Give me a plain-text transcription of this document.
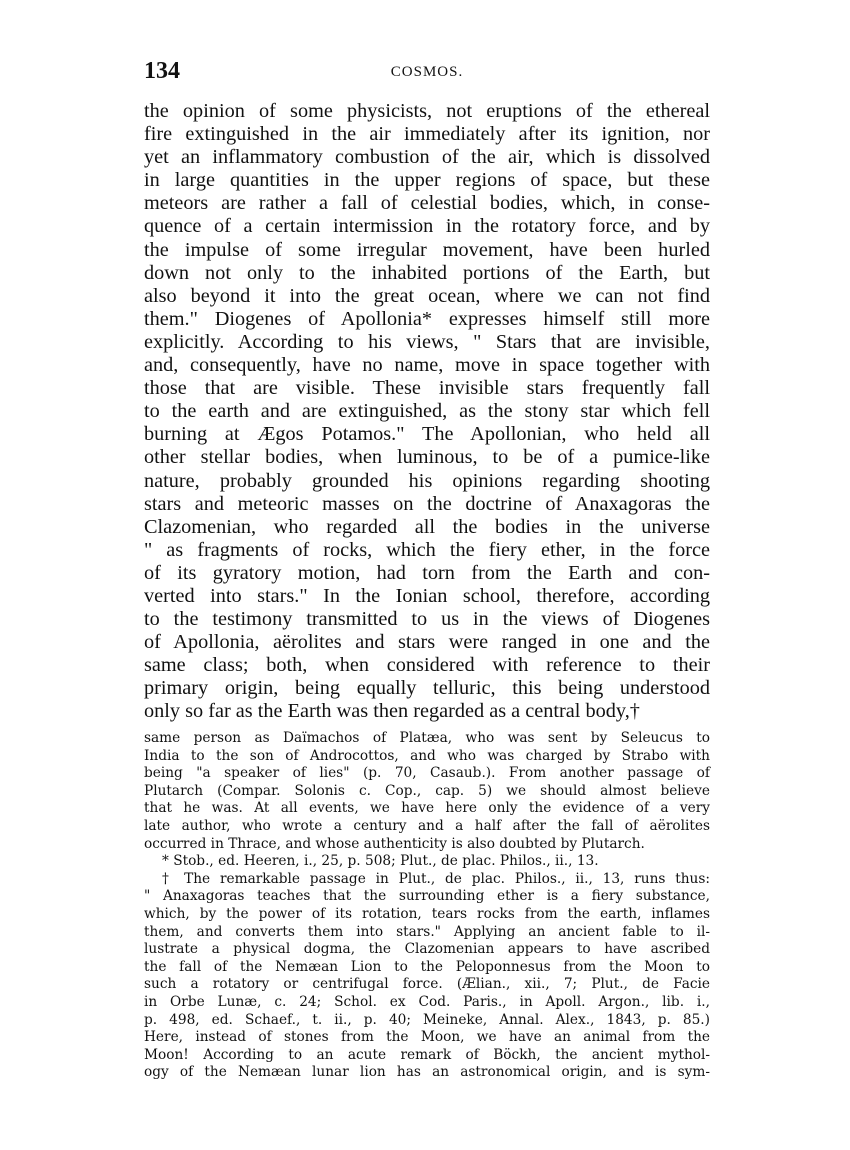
134	COSMOS.
the opinion of some physicists, not eruptions of the ethereal
fire extinguished in the air immediately after its ignition, nor
yet an inflammatory combustion of the air, which is dissolved
in large quantities in the upper regions of space, but these
meteors are rather a fall of celestial bodies, which, in conse-
quence of a certain intermission in the rotatory force, and by
the impulse of some irregular movement, have been hurled
down not only to the inhabited portions of the Earth, but
also beyond it into the great ocean, where we can not find
them." Diogenes of Apollonia* expresses himself still more
explicitly. According to his views, " Stars that are invisible,
and, consequently, have no name, move in space together with
those that are visible. These invisible stars frequently fall
to the earth and are extinguished, as the stony star which fell
burning at Ægos Potamos." The Apollonian, who held all
other stellar bodies, when luminous, to be of a pumice-like
nature, probably grounded his opinions regarding shooting
stars and meteoric masses on the doctrine of Anaxagoras the
Clazomenian, who regarded all the bodies in the universe
" as fragments of rocks, which the fiery ether, in the force
of its gyratory motion, had torn from the Earth and con-
verted into stars." In the Ionian school, therefore, according
to the testimony transmitted to us in the views of Diogenes
of Apollonia, aërolites and stars were ranged in one and the
same class; both, when considered with reference to their
primary origin, being equally telluric, this being understood
only so far as the Earth was then regarded as a central body,†
same person as Daïmachos of Platæa, who was sent by Seleucus to
India to the son of Androcottos, and who was charged by Strabo with
being "a speaker of lies" (p. 70, Casaub.). From another passage of
Plutarch (Compar. Solonis c. Cop., cap. 5) we should almost believe
that he was. At all events, we have here only the evidence of a very
late author, who wrote a century and a half after the fall of aërolites
occurred in Thrace, and whose authenticity is also doubted by Plutarch.
* Stob., ed. Heeren, i., 25, p. 508; Plut., de plac. Philos., ii., 13.
† The remarkable passage in Plut., de plac. Philos., ii., 13, runs thus:
" Anaxagoras teaches that the surrounding ether is a fiery substance,
which, by the power of its rotation, tears rocks from the earth, inflames
them, and converts them into stars." Applying an ancient fable to il-
lustrate a physical dogma, the Clazomenian appears to have ascribed
the fall of the Nemæan Lion to the Peloponnesus from the Moon to
such a rotatory or centrifugal force. (Ælian., xii., 7; Plut., de Facie
in Orbe Lunæ, c. 24; Schol. ex Cod. Paris., in Apoll. Argon., lib. i.,
p. 498, ed. Schaef., t. ii., p. 40; Meineke, Annal. Alex., 1843, p. 85.)
Here, instead of stones from the Moon, we have an animal from the
Moon! According to an acute remark of Böckh, the ancient mythol-
ogy of the Nemæan lunar lion has an astronomical origin, and is sym-
